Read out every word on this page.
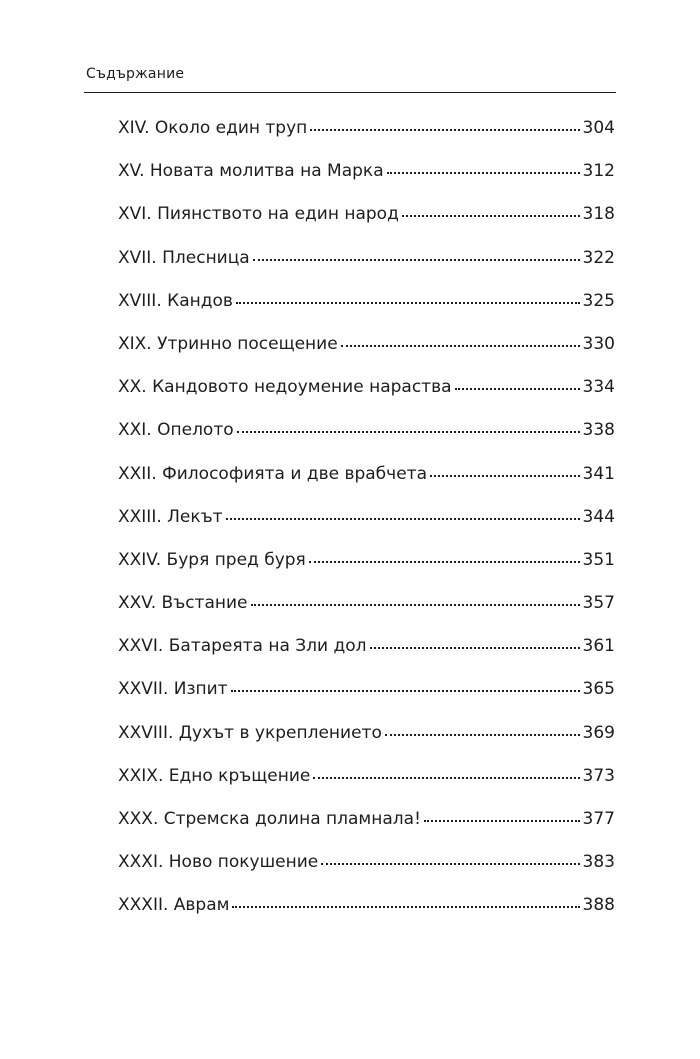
Съдържание
XIV. Около един труп	304
XV. Новата молитва на Марка	312
XVI. Пиянството на един народ	318
XVII. Плесница	322
XVIII. Кандов	325
XIX. Утринно посещение	330
XX. Кандовото недоумение нараства	334
XXI. Опелото	338
XXII. Философията и две врабчета	341
XXIII. Лекът	344
XXIV. Буря пред буря	351
XXV. Въстание	357
XXVI. Батареята на Зли дол	361
XXVII. Изпит	365
XXVIII. Духът в укреплението	369
XXIX. Едно кръщение	373
XXX. Стремска долина пламнала!	377
XXXI. Ново покушение	383
XXXII. Аврам	388
